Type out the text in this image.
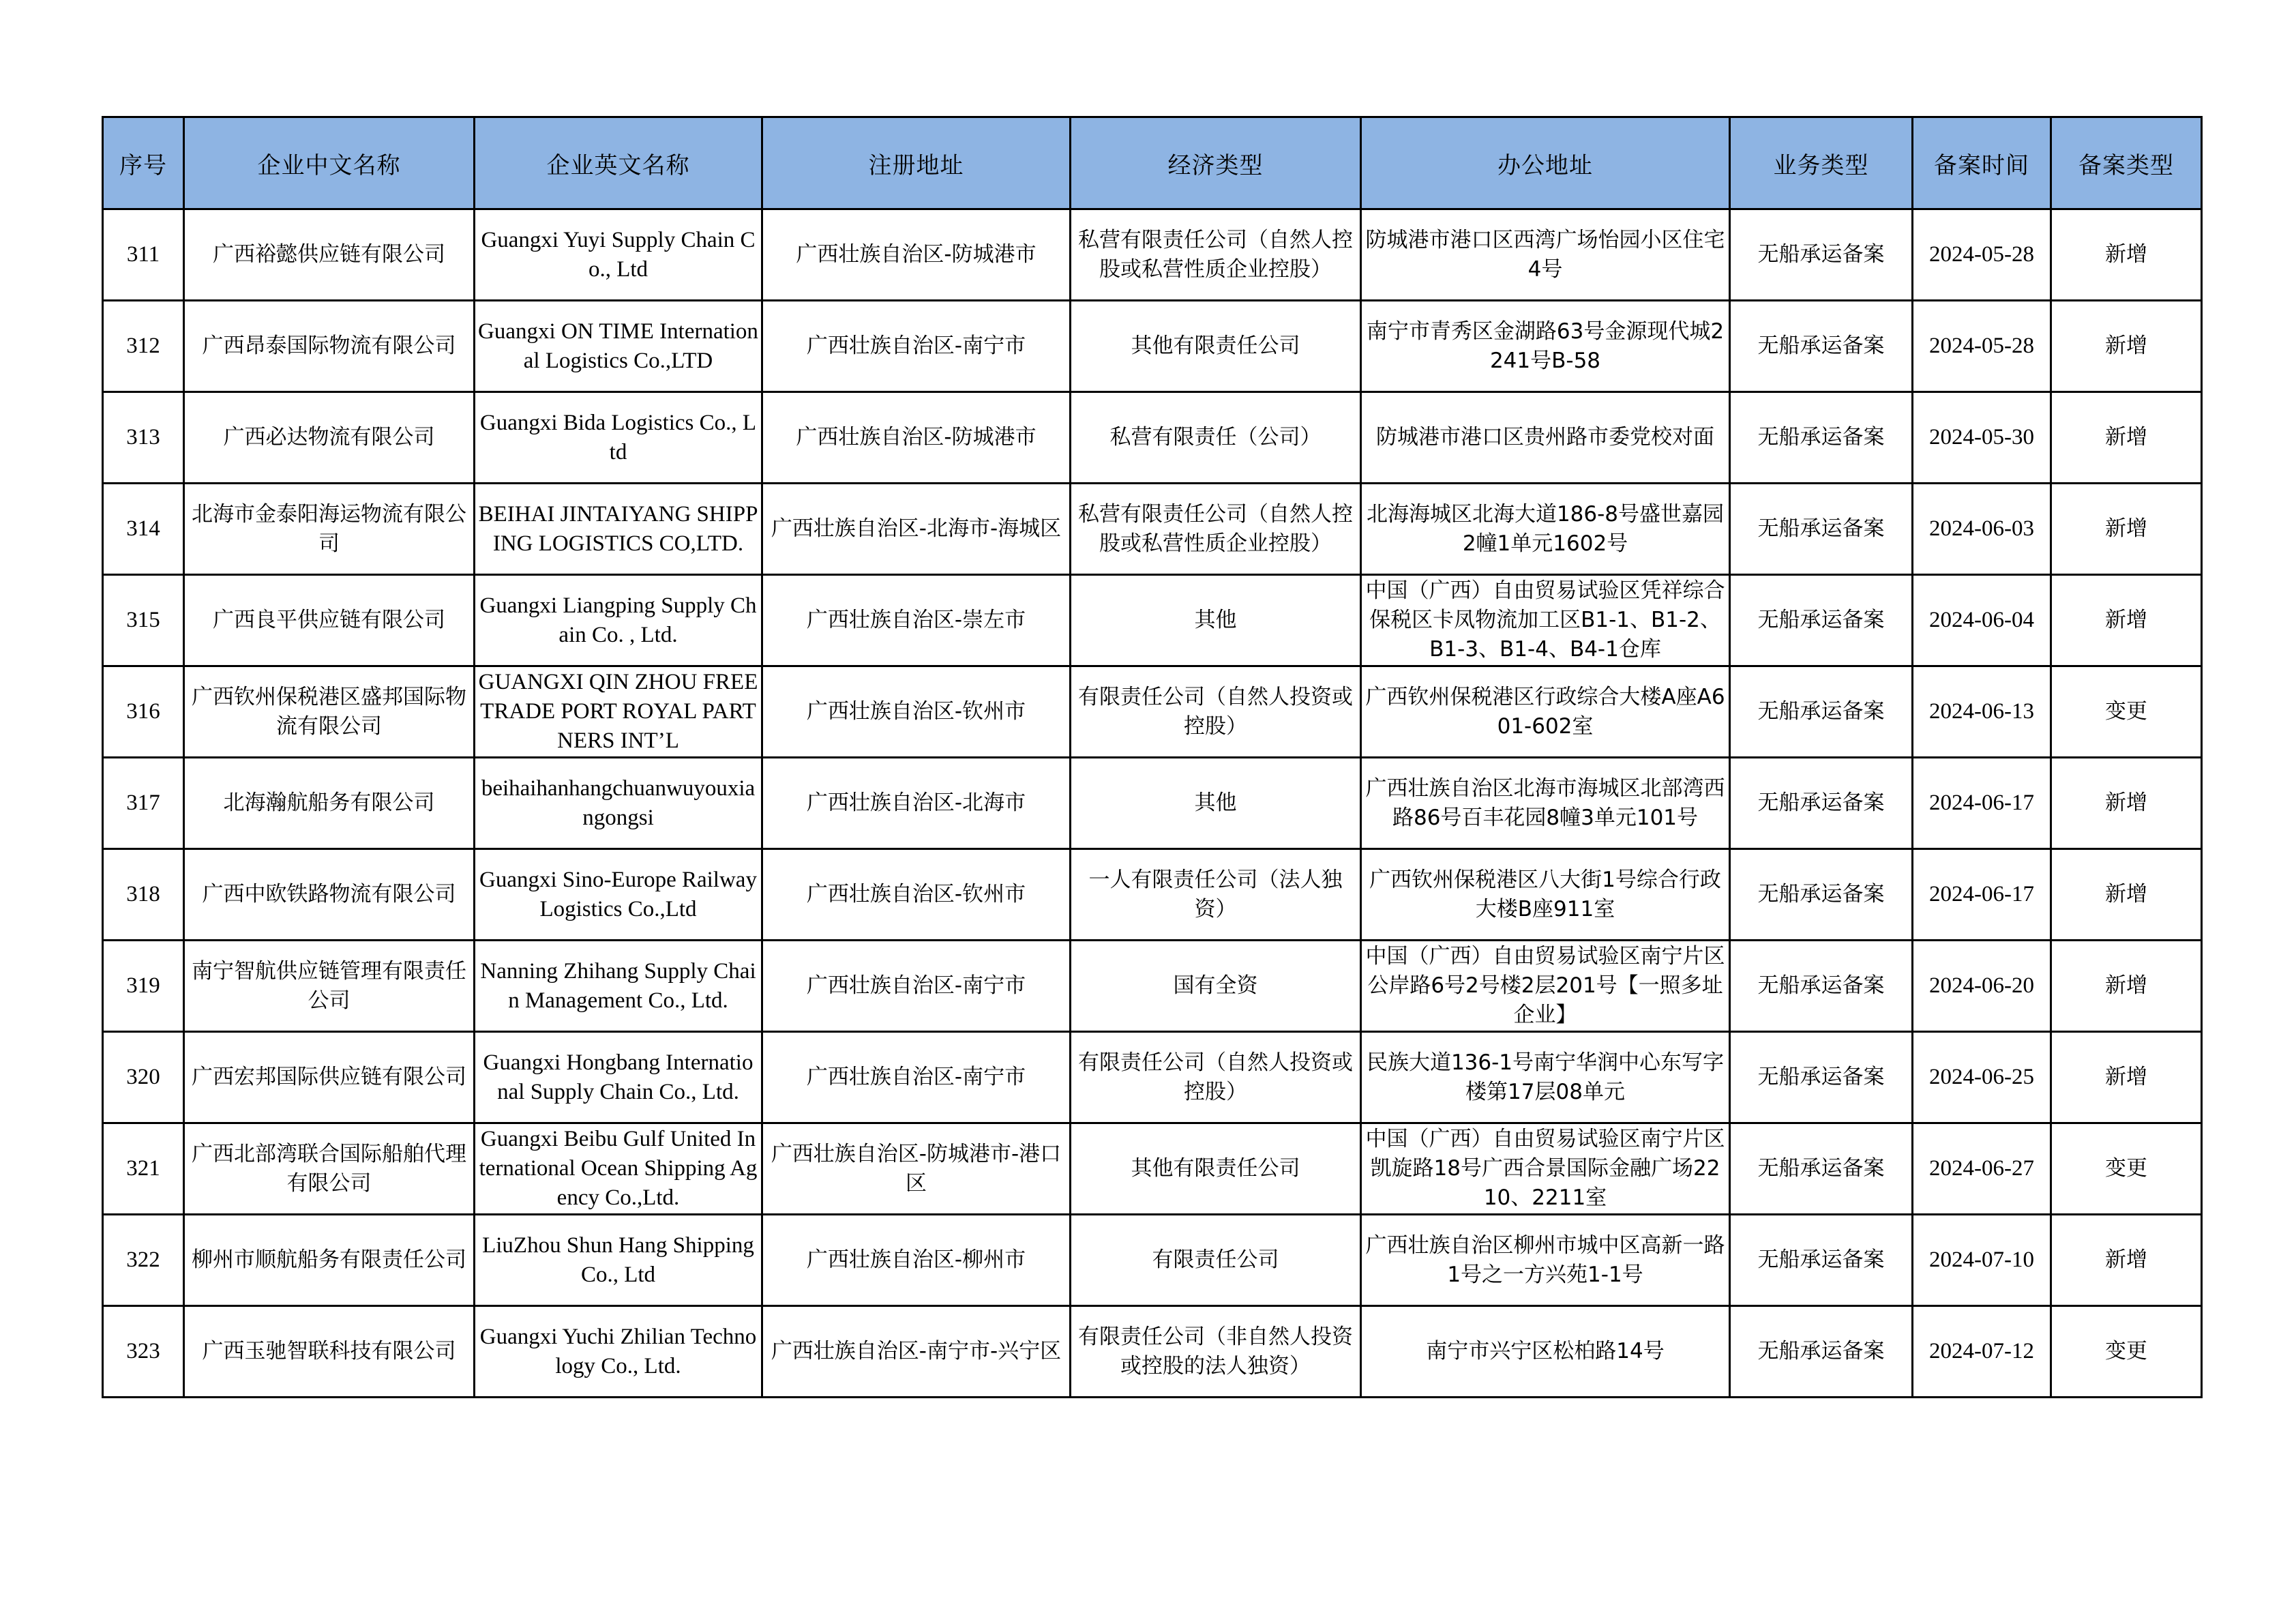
序号	企业中文名称	企业英文名称	注册地址	经济类型	办公地址	业务类型	备案时间	备案类型
311	广西裕懿供应链有限公司	Guangxi Yuyi Supply Chain Co., Ltd	广西壮族自治区-防城港市	私营有限责任公司（自然人控股或私营性质企业控股）	防城港市港口区西湾广场怡园小区住宅4号	无船承运备案	2024-05-28	新增
312	广西昂泰国际物流有限公司	Guangxi ON TIME International Logistics Co.,LTD	广西壮族自治区-南宁市	其他有限责任公司	南宁市青秀区金湖路63号金源现代城2241号B-58	无船承运备案	2024-05-28	新增
313	广西必达物流有限公司	Guangxi Bida Logistics Co., Ltd	广西壮族自治区-防城港市	私营有限责任（公司）	防城港市港口区贵州路市委党校对面	无船承运备案	2024-05-30	新增
314	北海市金泰阳海运物流有限公司	BEIHAI JINTAIYANG SHIPPING LOGISTICS CO,LTD.	广西壮族自治区-北海市-海城区	私营有限责任公司（自然人控股或私营性质企业控股）	北海海城区北海大道186-8号盛世嘉园2幢1单元1602号	无船承运备案	2024-06-03	新增
315	广西良平供应链有限公司	Guangxi Liangping Supply Chain Co. , Ltd.	广西壮族自治区-崇左市	其他	中国（广西）自由贸易试验区凭祥综合保税区卡凤物流加工区B1-1、B1-2、B1-3、B1-4、B4-1仓库	无船承运备案	2024-06-04	新增
316	广西钦州保税港区盛邦国际物流有限公司	GUANGXI QIN ZHOU FREE TRADE PORT ROYAL PARTNERS INT’L	广西壮族自治区-钦州市	有限责任公司（自然人投资或控股）	广西钦州保税港区行政综合大楼A座A601-602室	无船承运备案	2024-06-13	变更
317	北海瀚航船务有限公司	beihaihanhangchuanwuyouxiangongsi	广西壮族自治区-北海市	其他	广西壮族自治区北海市海城区北部湾西路86号百丰花园8幢3单元101号	无船承运备案	2024-06-17	新增
318	广西中欧铁路物流有限公司	Guangxi Sino-Europe Railway Logistics Co.,Ltd	广西壮族自治区-钦州市	一人有限责任公司（法人独资）	广西钦州保税港区八大街1号综合行政大楼B座911室	无船承运备案	2024-06-17	新增
319	南宁智航供应链管理有限责任公司	Nanning Zhihang Supply Chain Management Co., Ltd.	广西壮族自治区-南宁市	国有全资	中国（广西）自由贸易试验区南宁片区公岸路6号2号楼2层201号【一照多址企业】	无船承运备案	2024-06-20	新增
320	广西宏邦国际供应链有限公司	Guangxi Hongbang International Supply Chain Co., Ltd.	广西壮族自治区-南宁市	有限责任公司（自然人投资或控股）	民族大道136-1号南宁华润中心东写字楼第17层08单元	无船承运备案	2024-06-25	新增
321	广西北部湾联合国际船舶代理有限公司	Guangxi Beibu Gulf United International Ocean Shipping Agency Co.,Ltd.	广西壮族自治区-防城港市-港口区	其他有限责任公司	中国（广西）自由贸易试验区南宁片区凯旋路18号广西合景国际金融广场2210、2211室	无船承运备案	2024-06-27	变更
322	柳州市顺航船务有限责任公司	LiuZhou Shun Hang Shipping Co., Ltd	广西壮族自治区-柳州市	有限责任公司	广西壮族自治区柳州市城中区高新一路1号之一方兴苑1-1号	无船承运备案	2024-07-10	新增
323	广西玉驰智联科技有限公司	Guangxi Yuchi Zhilian Technology Co., Ltd.	广西壮族自治区-南宁市-兴宁区	有限责任公司（非自然人投资或控股的法人独资）	南宁市兴宁区松柏路14号	无船承运备案	2024-07-12	变更
